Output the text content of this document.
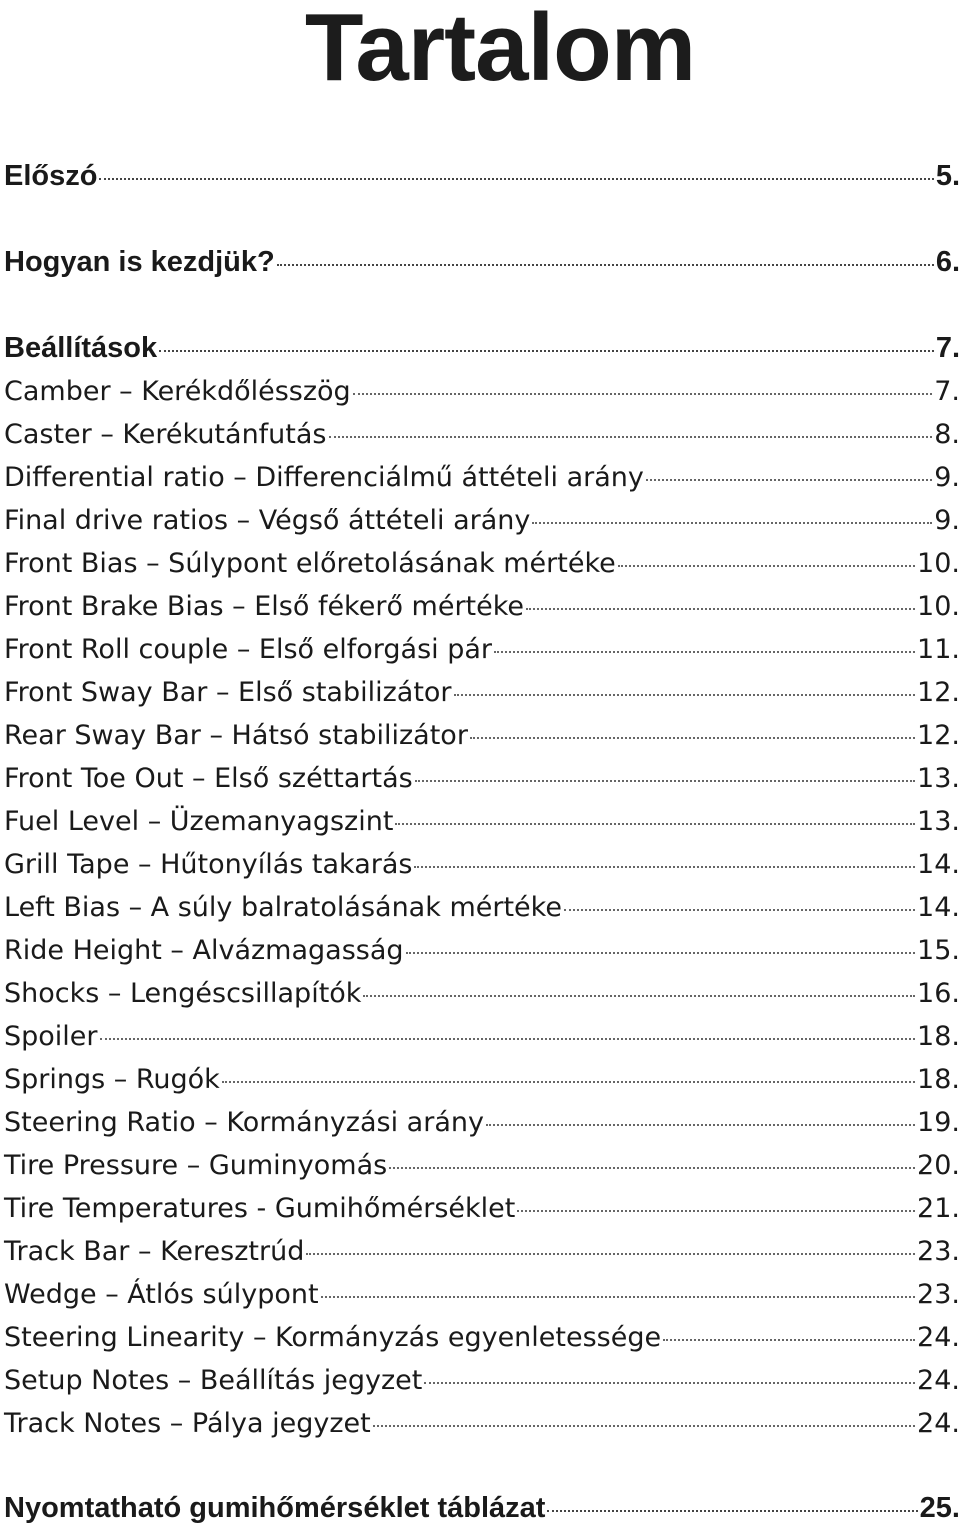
Tartalom
Előszó	5.
Hogyan is kezdjük?	6.
Beállítások	7.
Camber – Kerékdőlésszög	7.
Caster – Kerékutánfutás	8.
Differential ratio – Differenciálmű áttételi arány	9.
Final drive ratios – Végső áttételi arány	9.
Front Bias – Súlypont előretolásának mértéke	10.
Front Brake Bias – Első fékerő mértéke	10.
Front Roll couple – Első elforgási pár	11.
Front Sway Bar – Első stabilizátor	12.
Rear Sway Bar – Hátsó stabilizátor	12.
Front Toe Out – Első széttartás	13.
Fuel Level – Üzemanyagszint	13.
Grill Tape – Hűtonyílás takarás	14.
Left Bias – A súly balratolásának mértéke	14.
Ride Height – Alvázmagasság	15.
Shocks – Lengéscsillapítók	16.
Spoiler	18.
Springs – Rugók	18.
Steering Ratio – Kormányzási arány	19.
Tire Pressure – Guminyomás	20.
Tire Temperatures - Gumihőmérséklet	21.
Track Bar – Keresztrúd	23.
Wedge – Átlós súlypont	23.
Steering Linearity – Kormányzás egyenletessége	24.
Setup Notes – Beállítás jegyzet	24.
Track Notes – Pálya jegyzet	24.
Nyomtatható gumihőmérséklet táblázat	25.
